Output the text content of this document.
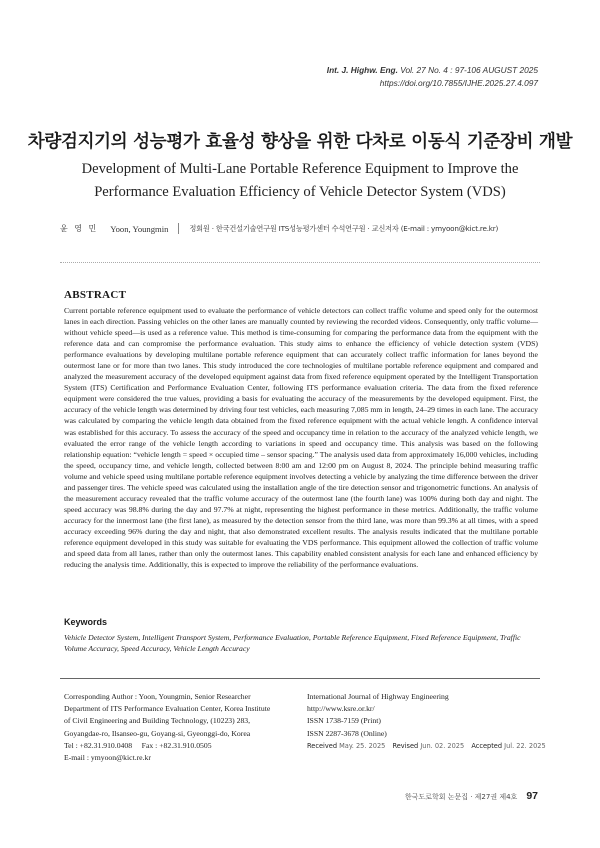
Int. J. Highw. Eng. Vol. 27 No. 4 : 97-106 AUGUST 2025
https://doi.org/10.7855/IJHE.2025.27.4.097
차량검지기의 성능평가 효율성 향상을 위한 다차로 이동식 기준장비 개발
Development of Multi-Lane Portable Reference Equipment to Improve the Performance Evaluation Efficiency of Vehicle Detector System (VDS)
윤 영 민 Yoon, Youngmin	정회원 · 한국건설기술연구원 ITS성능평가센터 수석연구원 · 교신저자 (E-mail : ymyoon@kict.re.kr)
ABSTRACT
Current portable reference equipment used to evaluate the performance of vehicle detectors can collect traffic volume and speed only for the outermost lanes in each direction. Passing vehicles on the other lanes are manually counted by reviewing the recorded videos. Consequently, only traffic volume—without vehicle speed—is used as a reference value. This method is time-consuming for comparing the performance data from the equipment with the reference data and can compromise the performance evaluation. This study aims to enhance the efficiency of vehicle detection system (VDS) performance evaluations by developing multilane portable reference equipment that can accurately collect traffic information for lanes beyond the outermost lane or for more than two lanes. This study introduced the core technologies of multilane portable reference equipment and compared and analyzed the measurement accuracy of the developed equipment against data from fixed reference equipment operated by the Intelligent Transportation System (ITS) Certification and Performance Evaluation Center, following ITS performance evaluation criteria. The data from the fixed reference equipment were considered the true values, providing a basis for evaluating the accuracy of the measurements by the developed equipment. First, the accuracy of the vehicle length was determined by driving four test vehicles, each measuring 7,085 mm in length, 24–29 times in each lane. The accuracy was calculated by comparing the vehicle length data obtained from the fixed reference equipment with the actual vehicle length. A confidence interval was established for this accuracy. To assess the accuracy of the speed and occupancy time in relation to the accuracy of the analyzed vehicle length, we evaluated the error range of the vehicle length according to variations in speed and occupancy time. This analysis was based on the following relationship equation: “vehicle length = speed × occupied time – sensor spacing.” The analysis used data from approximately 16,000 vehicles, including the speed, occupancy time, and vehicle length, collected between 8:00 am and 12:00 pm on August 8, 2024. The principle behind measuring traffic volume and vehicle speed using multilane portable reference equipment involves detecting a vehicle by analyzing the time difference between the driver and passenger tires. The vehicle speed was calculated using the installation angle of the tire detection sensor and trigonometric functions. An analysis of the measurement accuracy revealed that the traffic volume accuracy of the outermost lane (the fourth lane) was 100% during both day and night. The speed accuracy was 98.8% during the day and 97.7% at night, representing the highest performance in these metrics. Additionally, the traffic volume accuracy for the innermost lane (the first lane), as measured by the detection sensor from the third lane, was more than 99.3% at all times, with a speed accuracy exceeding 96% during the day and night, that also demonstrated excellent results. The analysis results indicated that the multilane portable reference equipment developed in this study was suitable for evaluating the VDS performance. This equipment allowed the collection of traffic volume and speed data from all lanes, rather than only the outermost lanes. This capability enabled consistent analysis for each lane and enhanced efficiency by reducing the analysis time. Additionally, this is expected to improve the reliability of the performance evaluations.
Keywords
Vehicle Detector System, Intelligent Transport System, Performance Evaluation, Portable Reference Equipment, Fixed Reference Equipment, Traffic Volume Accuracy, Speed Accuracy, Vehicle Length Accuracy
Corresponding Author : Yoon, Youngmin, Senior Researcher
Department of ITS Performance Evaluation Center, Korea Institute
of Civil Engineering and Building Technology, (10223) 283,
Goyangdae-ro, Ilsanseo-gu, Goyang-si, Gyeonggi-do, Korea
Tel : +82.31.910.0408     Fax : +82.31.910.0505
E-mail : ymyoon@kict.re.kr
International Journal of Highway Engineering
http://www.ksre.or.kr/
ISSN 1738-7159 (Print)
ISSN 2287-3678 (Online)
Received May. 25. 2025 Revised Jun. 02. 2025 Accepted Jul. 22. 2025
한국도로학회 논문집 · 제27권 제4호 97
